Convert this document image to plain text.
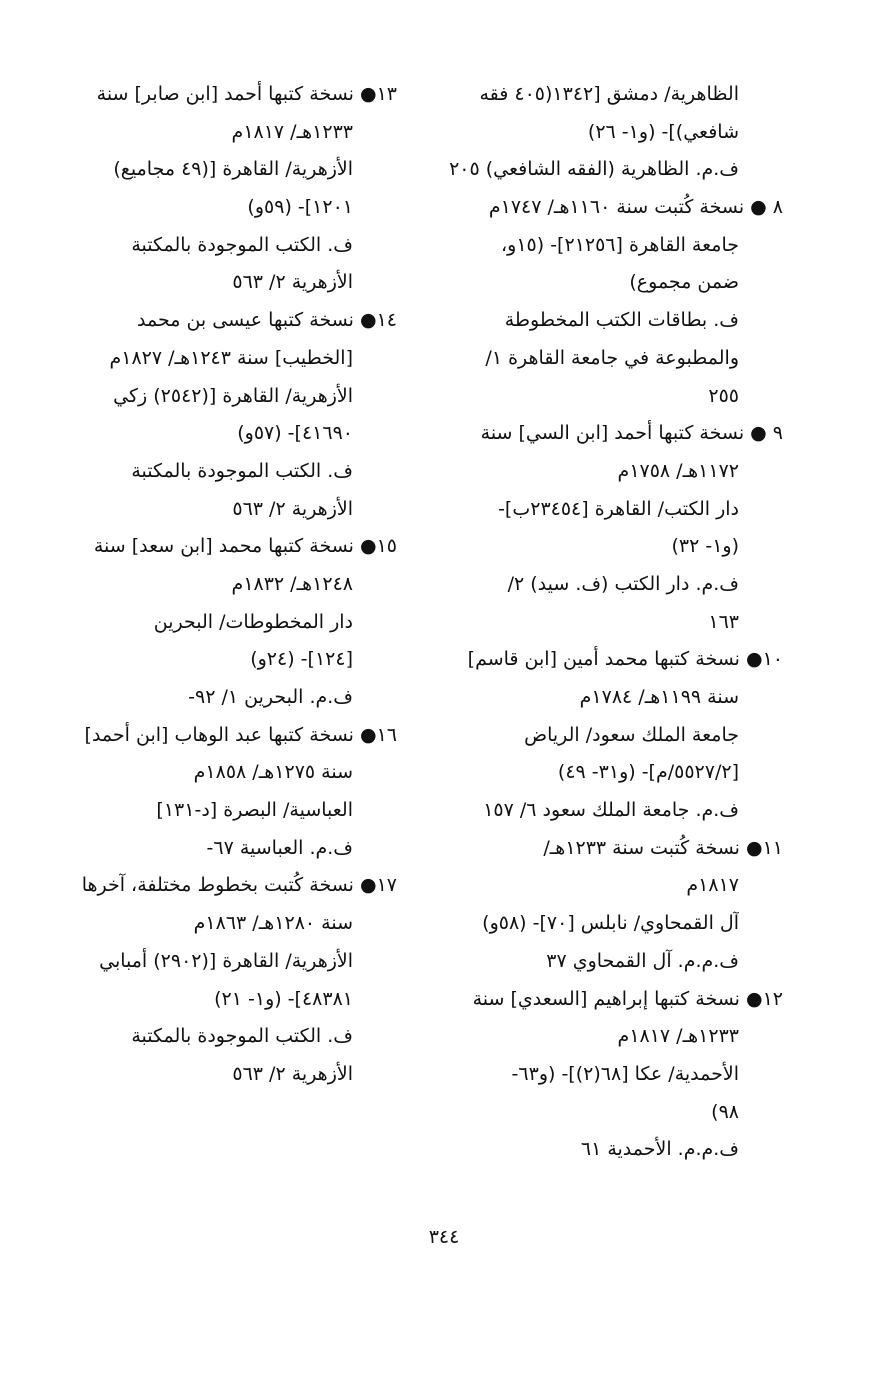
الظاهرية/ دمشق [١٣٤٢(٤٠٥ فقه
شافعي)]- (و١- ٢٦)
ف.م. الظاهرية (الفقه الشافعي) ٢٠٥
٨ ● نسخة كُتبت سنة ١١٦٠هـ/ ١٧٤٧م
جامعة القاهرة [٢١٢٥٦]- (١٥و،
ضمن مجموع)
ف. بطاقات الكتب المخطوطة
والمطبوعة في جامعة القاهرة ١/
٢٥٥
٩ ● نسخة كتبها أحمد [ابن السي] سنة
١١٧٢هـ/ ١٧٥٨م
دار الكتب/ القاهرة [٢٣٤٥٤ب]-
(و١- ٣٢)
ف.م. دار الكتب (ف. سيد) ٢/
١٦٣
١٠● نسخة كتبها محمد أمين [ابن قاسم]
سنة ١١٩٩هـ/ ١٧٨٤م
جامعة الملك سعود/ الرياض
[٥٥٢٧/٢/م]- (و٣١- ٤٩)
ف.م. جامعة الملك سعود ٦/ ١٥٧
١١● نسخة كُتبت سنة ١٢٣٣هـ/
١٨١٧م
آل القمحاوي/ نابلس [٧٠]- (٥٨و)
ف.م.م. آل القمحاوي ٣٧
١٢● نسخة كتبها إبراهيم [السعدي] سنة
١٢٣٣هـ/ ١٨١٧م
الأحمدية/ عكا [٦٨(٢)]- (و٦٣-
٩٨)
ف.م.م. الأحمدية ٦١
١٣● نسخة كتبها أحمد [ابن صابر] سنة
١٢٣٣هـ/ ١٨١٧م
الأزهرية/ القاهرة [(٤٩ مجاميع)
١٢٠١]- (٥٩و)
ف. الكتب الموجودة بالمكتبة
الأزهرية ٢/ ٥٦٣
١٤● نسخة كتبها عيسى بن محمد
[الخطيب] سنة ١٢٤٣هـ/ ١٨٢٧م
الأزهرية/ القاهرة [(٢٥٤٢) زكي
٤١٦٩٠]- (٥٧و)
ف. الكتب الموجودة بالمكتبة
الأزهرية ٢/ ٥٦٣
١٥● نسخة كتبها محمد [ابن سعد] سنة
١٢٤٨هـ/ ١٨٣٢م
دار المخطوطات/ البحرين
[١٢٤]- (٢٤و)
ف.م. البحرين ١/ ٩٢-
١٦● نسخة كتبها عبد الوهاب [ابن أحمد]
سنة ١٢٧٥هـ/ ١٨٥٨م
العباسية/ البصرة [د-١٣١]
ف.م. العباسية ٦٧-
١٧● نسخة كُتبت بخطوط مختلفة، آخرها
سنة ١٢٨٠هـ/ ١٨٦٣م
الأزهرية/ القاهرة [(٢٩٠٢) أمبابي
٤٨٣٨١]- (و١- ٢١)
ف. الكتب الموجودة بالمكتبة
الأزهرية ٢/ ٥٦٣
٣٤٤
